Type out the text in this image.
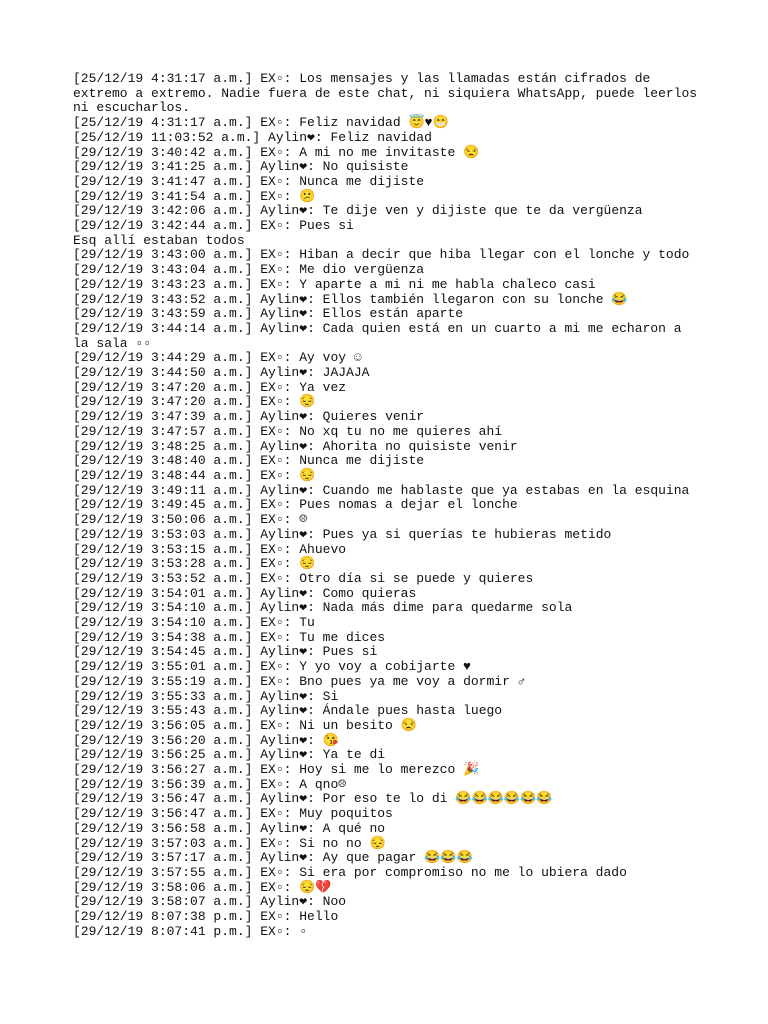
[25/12/19 4:31:17 a.m.] EX▫: Los mensajes y las llamadas están cifrados de extremo a extremo. Nadie fuera de este chat, ni siquiera WhatsApp, puede leerlos ni escucharlos.
[25/12/19 4:31:17 a.m.] EX▫: Feliz navidad 😇♥😁
[25/12/19 11:03:52 a.m.] Aylin❤: Feliz navidad
[29/12/19 3:40:42 a.m.] EX▫: A mi no me invitaste 😒
[29/12/19 3:41:25 a.m.] Aylin❤: No quisiste
[29/12/19 3:41:47 a.m.] EX▫: Nunca me dijiste
[29/12/19 3:41:54 a.m.] EX▫: 😕
[29/12/19 3:42:06 a.m.] Aylin❤: Te dije ven y dijiste que te da vergüenza
[29/12/19 3:42:44 a.m.] EX▫: Pues si
Esq allí estaban todos
[29/12/19 3:43:00 a.m.] EX▫: Hiban a decir que hiba llegar con el lonche y todo
[29/12/19 3:43:04 a.m.] EX▫: Me dio vergüenza
[29/12/19 3:43:23 a.m.] EX▫: Y aparte a mi ni me habla chaleco casi
[29/12/19 3:43:52 a.m.] Aylin❤: Ellos también llegaron con su lonche 😂
[29/12/19 3:43:59 a.m.] Aylin❤: Ellos están aparte
[29/12/19 3:44:14 a.m.] Aylin❤: Cada quien está en un cuarto a mi me echaron a la sala ▫▫
[29/12/19 3:44:29 a.m.] EX▫: Ay voy ☺
[29/12/19 3:44:50 a.m.] Aylin❤: JAJAJA
[29/12/19 3:47:20 a.m.] EX▫: Ya vez
[29/12/19 3:47:20 a.m.] EX▫: 😔
[29/12/19 3:47:39 a.m.] Aylin❤: Quieres venir
[29/12/19 3:47:57 a.m.] EX▫: No xq tu no me quieres ahí
[29/12/19 3:48:25 a.m.] Aylin❤: Ahorita no quisiste venir
[29/12/19 3:48:40 a.m.] EX▫: Nunca me dijiste
[29/12/19 3:48:44 a.m.] EX▫: 😔
[29/12/19 3:49:11 a.m.] Aylin❤: Cuando me hablaste que ya estabas en la esquina
[29/12/19 3:49:45 a.m.] EX▫: Pues nomas a dejar el lonche
[29/12/19 3:50:06 a.m.] EX▫: ☹
[29/12/19 3:53:03 a.m.] Aylin❤: Pues ya si querías te hubieras metido
[29/12/19 3:53:15 a.m.] EX▫: Ahuevo
[29/12/19 3:53:28 a.m.] EX▫: 😔
[29/12/19 3:53:52 a.m.] EX▫: Otro día si se puede y quieres
[29/12/19 3:54:01 a.m.] Aylin❤: Como quieras
[29/12/19 3:54:10 a.m.] Aylin❤: Nada más dime para quedarme sola
[29/12/19 3:54:10 a.m.] EX▫: Tu
[29/12/19 3:54:38 a.m.] EX▫: Tu me dices
[29/12/19 3:54:45 a.m.] Aylin❤: Pues si
[29/12/19 3:55:01 a.m.] EX▫: Y yo voy a cobijarte ♥
[29/12/19 3:55:19 a.m.] EX▫: Bno pues ya me voy a dormir ♂
[29/12/19 3:55:33 a.m.] Aylin❤: Si
[29/12/19 3:55:43 a.m.] Aylin❤: Ándale pues hasta luego
[29/12/19 3:56:05 a.m.] EX▫: Ni un besito 😒
[29/12/19 3:56:20 a.m.] Aylin❤: 😘
[29/12/19 3:56:25 a.m.] Aylin❤: Ya te di
[29/12/19 3:56:27 a.m.] EX▫: Hoy si me lo merezco 🎉
[29/12/19 3:56:39 a.m.] EX▫: A qno☹
[29/12/19 3:56:47 a.m.] Aylin❤: Por eso te lo di 😂😂😂😂😂😂
[29/12/19 3:56:47 a.m.] EX▫: Muy poquitos
[29/12/19 3:56:58 a.m.] Aylin❤: A qué no
[29/12/19 3:57:03 a.m.] EX▫: Si no no 😔
[29/12/19 3:57:17 a.m.] Aylin❤: Ay que pagar 😂😂😂
[29/12/19 3:57:55 a.m.] EX▫: Si era por compromiso no me lo ubiera dado
[29/12/19 3:58:06 a.m.] EX▫: 😔💔
[29/12/19 3:58:07 a.m.] Aylin❤: Noo
[29/12/19 8:07:38 p.m.] EX▫: Hello
[29/12/19 8:07:41 p.m.] EX▫: ▫
